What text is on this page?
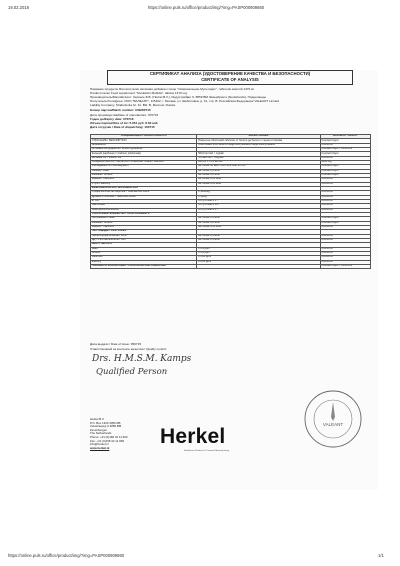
19.02.2018	https://online.puls.ru/office/product/img/?img=PASP000909860
СЕРТИФИКАТ АНАЛИЗА (УДОСТОВЕРЕНИЕ КАЧЕСТВА И БЕЗОПАСНОСТИ)
CERTIFICATE OF ANALYSIS
Название продукта: Биологически активная добавка к пище "Симвокальцин Мультидис", таблетки массой 1470 мг
Product name/ Food supplement "Sivokalcin Multidis", tablets 1470 mg
Производитель/Manufacturer: Херкель Б.В. (Herkel B.V.), Индустрийвег 6, 8859 ВМ Зевенбрюгге (Nederlands), Нидерланды
Получатель/Consignee: ООО "ВАЛЕАНТ", 115162, г. Москва, ул. Шаболовка, д. 31, стр. Б; Российская Федерация/ VALEANT Limited
Liability Company, Shabolovka St. 31, Bld. B, Moscow, Russia
Номер партии/Batch number: 049280715
Дата производства/Date of manufacture: 070715
Годен до/Expiry date: 070718
Объем партии/Size of lot: 5.054 руб. 8.60 кой.
Дата отгрузки / Date of dispatching: 100715
СПЕЦИФИКАЦИЯ / CHARACTERISTICS	НОРМА / NORMS	РЕЗУЛЬТАТ / RESULT
ОПИСАНИЕ / DESCRIPTION	Покрытые оболочкой таблетки от белого до белого с серым оттенком	Соответствует
Appearance	Oval coated from white to beige and yellowish beige oblong tablets	Conforms
Активные ингредиенты / Active ingredients		Соответствует / Conforms
Кальций (карбонат) / Calcium (carbonate)	500,0 мг/таб. / mg/tab.	Соответствует
Витамин D3 / Vitamin D3	5,0 мкг/таб. / mcg/tab.	Conforms
СРЕДНЯЯ МАССА ТАБЛЕТКИ / AVERAGE TABLET WEIGHT	1470,0 ± 73,5 мг/таб.	1460 mg
Распадаемость / Disintegration	Не более 30 мин / Not more than 30 min	Соответствует
Свинец / Lead	Не более 0,3 мг/кг	Соответствует
Мышьяк / Arsenic	Не более 0,2 мг/кг	Соответствует
Кадмий / Cadmium	Не более 0,03 мг/кг	Conforms
Ртуть / Mercury	Не более 0,03 мг/кг	Conforms
МИКРОБИОЛОГИЯ / MICROBIOLOGY		
Общее количество аэробов / Total aerobic count	≤ 10000/g	Conforms
Дрожжи и плесени / Yeast and mould	≤ 100/g	Conforms
E. coli	Отсутствие в 1 г	Conforms
Salmonella	Отсутствие в 10 г	Conforms
Staphylococcus aureus	Отсутствие в 1 г	Conforms
ТОКСИЧНЫЕ ЭЛЕМЕНТЫ / TOXIC ELEMENTS		
Лиственный / Lead	Не более 0,3 мг/кг	Соответствует
Мышьяк / Arsenic	Не более 0,2 мг/кг	Соответствует
Кадмий / Cadmium	Не более 0,03 мг/кг	Conforms
ПЕСТИЦИДЫ / PESTICIDES		
Гексахлорциклогексан / HCH	Не более 0,1 мг/кг	Conforms
ДДТ и его метаболиты / DDT	Не более 0,1 мг/кг	Conforms
HEAVY METALS		
Lead	≤ 0,3 ppm	Conforms
Arsenic	≤ 0,2 ppm	Conforms
Cadmium	≤ 0,03 ppm	Conforms
Mercury	≤ 0,03 ppm	Conforms
ПАКОВКА И МАРКИРОВКА / PACKAGING AND LABELLING		Соответствует / Conforms
Дата выдачи / Date of issue: 050715
Ответственный за контроль качества / Quality control:
Drs. H.M.S.M. Kamps
Qualified Person
Herkel B.V.
P.O. Box 1326 3050 RB
Industrieweg 6 3859 BM
Zevenbergen
The Netherlands
Phone: +31 (0)168 32 11 900
Fax: +31 (0)168 32 11 999
info@herkel.nl
www.herkel.nl	Herkel
Healthcare Products & Contract Manufacturing
VALEANT
https://online.puls.ru/office/product/img/?img=PASP000909860	1/1
